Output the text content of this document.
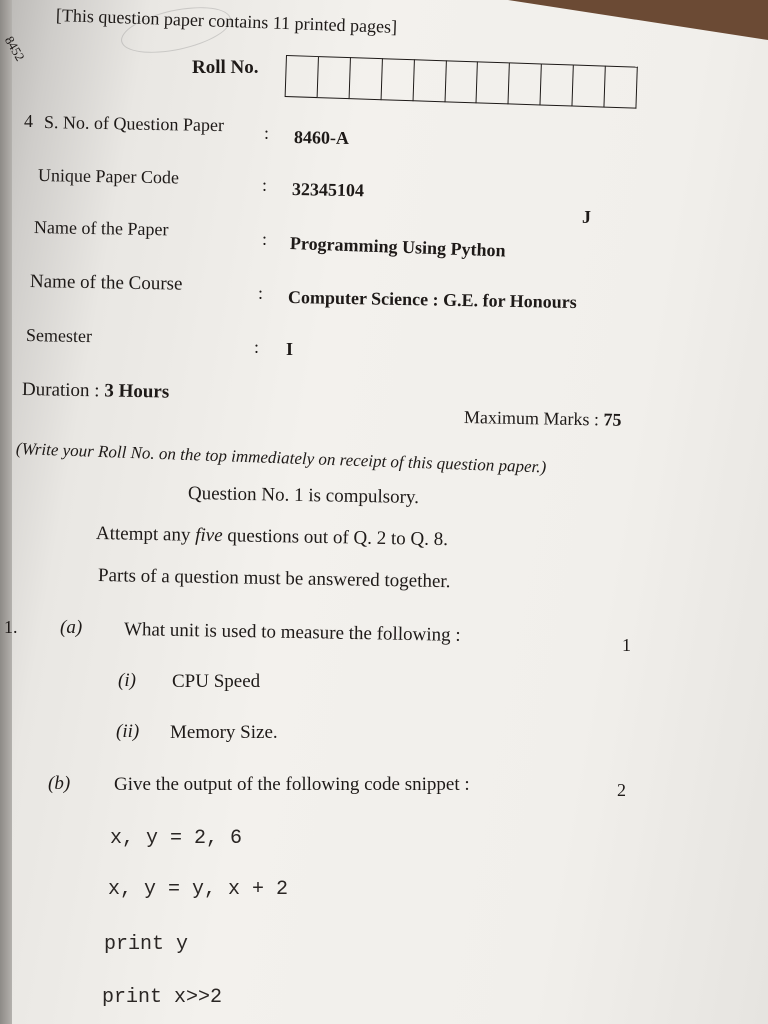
[This question paper contains 11 printed pages]
8452
Roll No.
4 S. No. of Question Paper : 8460-A
Unique Paper Code	: 32345104
J
Name of the Paper	: Programming Using Python
Name of the Course	: Computer Science : G.E. for Honours
Semester
: I
Duration : 3 Hours
Maximum Marks : 75
(Write your Roll No. on the top immediately on receipt of this question paper.)
Question No. 1 is compulsory.
Attempt any five questions out of Q. 2 to Q. 8.
Parts of a question must be answered together.
1. (a) What unit is used to measure the following :	1
(i) CPU Speed
(ii) Memory Size.
(b) Give the output of the following code snippet :	2
x, y = 2, 6
x, y = y, x + 2
print y
print x>>2
